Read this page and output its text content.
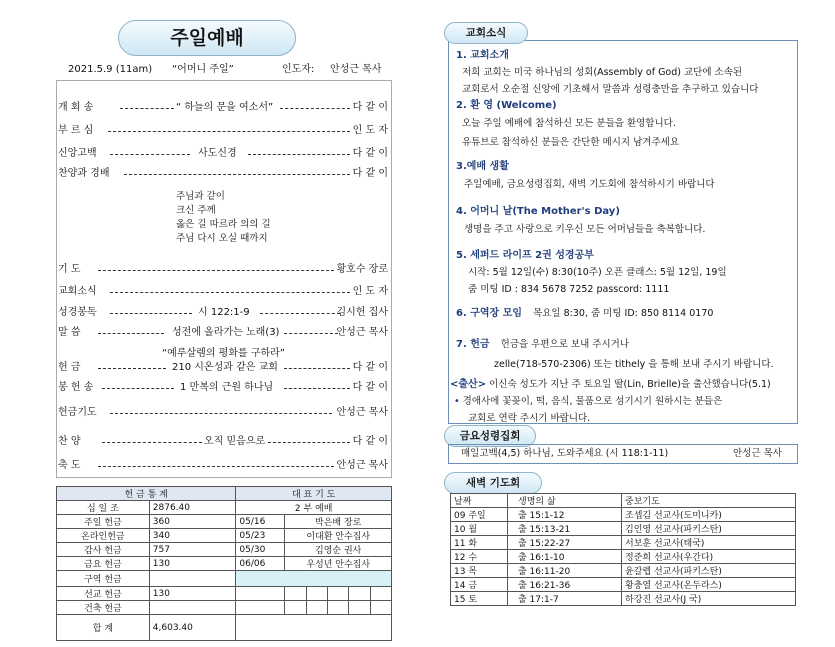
주일예배
2021.5.9 (11am) “어머니 주일”	인도자: 안성근 목사
개 회 송	“ 하늘의 문을 여소서”	다 같 이
부 르 심	인 도 자
신앙고백	사도신경	다 같 이
찬양과 경배	다 같 이
주님과 같이
크신 주께
옳은 길 따르라 의의 길
주님 다시 오실 때까지
기 도	황호수 장로
교회소식	인 도 자
성경봉독	시 122:1-9	김시헌 집사
말 씀	성전에 올라가는 노래(3)	안성근 목사
“예루살렘의 평화를 구하라”
헌 금	210 시온성과 같은 교회	다 같 이
봉 헌 송	1 만복의 근원 하나님	다 같 이
헌금기도	안성근 목사
찬 양	오직 믿음으로	다 같 이
축 도	안성근 목사
헌 금 통 계		대 표 기 도					
십 일 조	2876.40	2 부 예배					
주일 헌금	360	05/16	박은배 장로				
온라인헌금	340	05/23	이대환 안수집사				
감사 헌금	757	05/30	김영순 권사				
금요 헌금	130	06/06	우성년 안수집사				
구역 헌금							
선교 헌금	130						
건축 헌금							
합 계	4,603.40						
교회소식
1. 교회소개
저희 교회는 미국 하나님의 성회(Assembly of God) 교단에 소속된
교회로서 오순절 신앙에 기초해서 말씀과 성령충만을 추구하고 있습니다
2. 환 영 (Welcome)
오늘 주일 예배에 참석하신 모든 분들을 환영합니다.
유튜브로 참석하신 분들은 간단한 메시지 남겨주세요
3.예배 생활
주일예배, 금요성령집회, 새벽 기도회에 참석하시기 바랍니다
4. 어머니 날(The Mother's Day)
생명을 주고 사랑으로 키우신 모든 어머님들을 축복합니다.
5. 세퍼드 라이프 2권 성경공부
시작: 5월 12일(수) 8:30(10주) 오픈 클래스: 5월 12일, 19일
줌 미팅 ID : 834 5678 7252 passcord: 1111
6. 구역장 모임 목요일 8:30, 줌 미팅 ID: 850 8114 0170
7. 헌금 헌금을 우편으로 보내 주시거나
zelle(718-570-2306) 또는 tithely 을 통해 보내 주시기 바랍니다.
<출산> 이신숙 성도가 지난 주 토요일 딸(Lin, Brielle)을 출산했습니다(5.1)
• 경애사에 꽃꽂이, 떡, 음식, 물품으로 섬기시기 원하시는 분들은
교회로 연락 주시기 바랍니다.
금요성령집회
매일고백(4,5) 하나님, 도와주세요 (시 118:1-11)	안성근 목사
새벽 기도회
날짜	생명의 삶	중보기도
09 주일	출 15:1-12	조셉김 선교사(도미니카)
10 월	출 15:13-21	김인영 선교사(파키스탄)
11 화	출 15:22-27	서보훈 선교사(태국)
12 수	출 16:1-10	정준희 선교사(우간다)
13 목	출 16:11-20	윤갈렙 선교사(파키스탄)
14 금	출 16:21-36	황충열 선교사(온두라스)
15 토	출 17:1-7	하강진 선교사(J 국)
